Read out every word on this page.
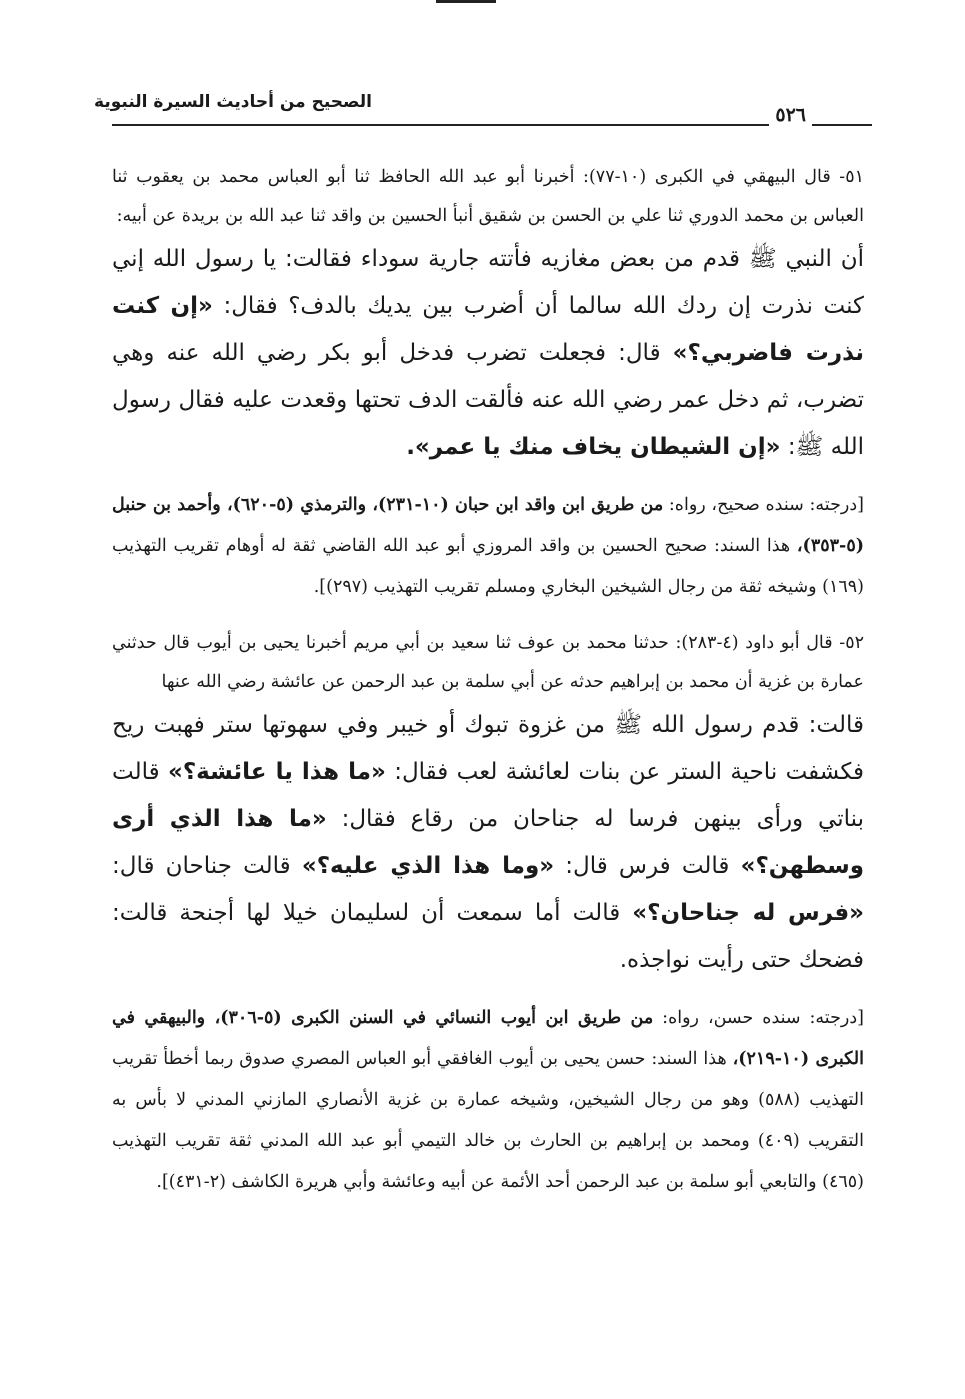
الصحيح من أحاديث السيرة النبوية
٥٢٦
٥١- قال البيهقي في الكبرى (١٠-٧٧): أخبرنا أبو عبد الله الحافظ ثنا أبو العباس محمد بن يعقوب ثنا العباس بن محمد الدوري ثنا علي بن الحسن بن شقيق أنبأ الحسين بن واقد ثنا عبد الله بن بريدة عن أبيه:
أن النبي ﷺ قدم من بعض مغازيه فأتته جارية سوداء فقالت: يا رسول الله إني كنت نذرت إن ردك الله سالما أن أضرب بين يديك بالدف؟ فقال: «إن كنت نذرت فاضربي؟» قال: فجعلت تضرب فدخل أبو بكر رضي الله عنه وهي تضرب، ثم دخل عمر رضي الله عنه فألقت الدف تحتها وقعدت عليه فقال رسول الله ﷺ: «إن الشيطان يخاف منك يا عمر».
[درجته: سنده صحيح، رواه: من طريق ابن واقد ابن حبان (١٠-٢٣١)، والترمذي (٥-٦٢٠)، وأحمد بن حنبل (٥-٣٥٣)، هذا السند: صحيح الحسين بن واقد المروزي أبو عبد الله القاضي ثقة له أوهام تقريب التهذيب (١٦٩) وشيخه ثقة من رجال الشيخين البخاري ومسلم تقريب التهذيب (٢٩٧)].
٥٢- قال أبو داود (٤-٢٨٣): حدثنا محمد بن عوف ثنا سعيد بن أبي مريم أخبرنا يحيى بن أيوب قال حدثني عمارة بن غزية أن محمد بن إبراهيم حدثه عن أبي سلمة بن عبد الرحمن عن عائشة رضي الله عنها
قالت: قدم رسول الله ﷺ من غزوة تبوك أو خيبر وفي سهوتها ستر فهبت ريح فكشفت ناحية الستر عن بنات لعائشة لعب فقال: «ما هذا يا عائشة؟» قالت بناتي ورأى بينهن فرسا له جناحان من رقاع فقال: «ما هذا الذي أرى وسطهن؟» قالت فرس قال: «وما هذا الذي عليه؟» قالت جناحان قال: «فرس له جناحان؟» قالت أما سمعت أن لسليمان خيلا لها أجنحة قالت: فضحك حتى رأيت نواجذه.
[درجته: سنده حسن، رواه: من طريق ابن أيوب النسائي في السنن الكبرى (٥-٣٠٦)، والبيهقي في الكبرى (١٠-٢١٩)، هذا السند: حسن يحيى بن أيوب الغافقي أبو العباس المصري صدوق ربما أخطأ تقريب التهذيب (٥٨٨) وهو من رجال الشيخين، وشيخه عمارة بن غزية الأنصاري المازني المدني لا بأس به التقريب (٤٠٩) ومحمد بن إبراهيم بن الحارث بن خالد التيمي أبو عبد الله المدني ثقة تقريب التهذيب (٤٦٥) والتابعي أبو سلمة بن عبد الرحمن أحد الأئمة عن أبيه وعائشة وأبي هريرة الكاشف (٢-٤٣١)].
